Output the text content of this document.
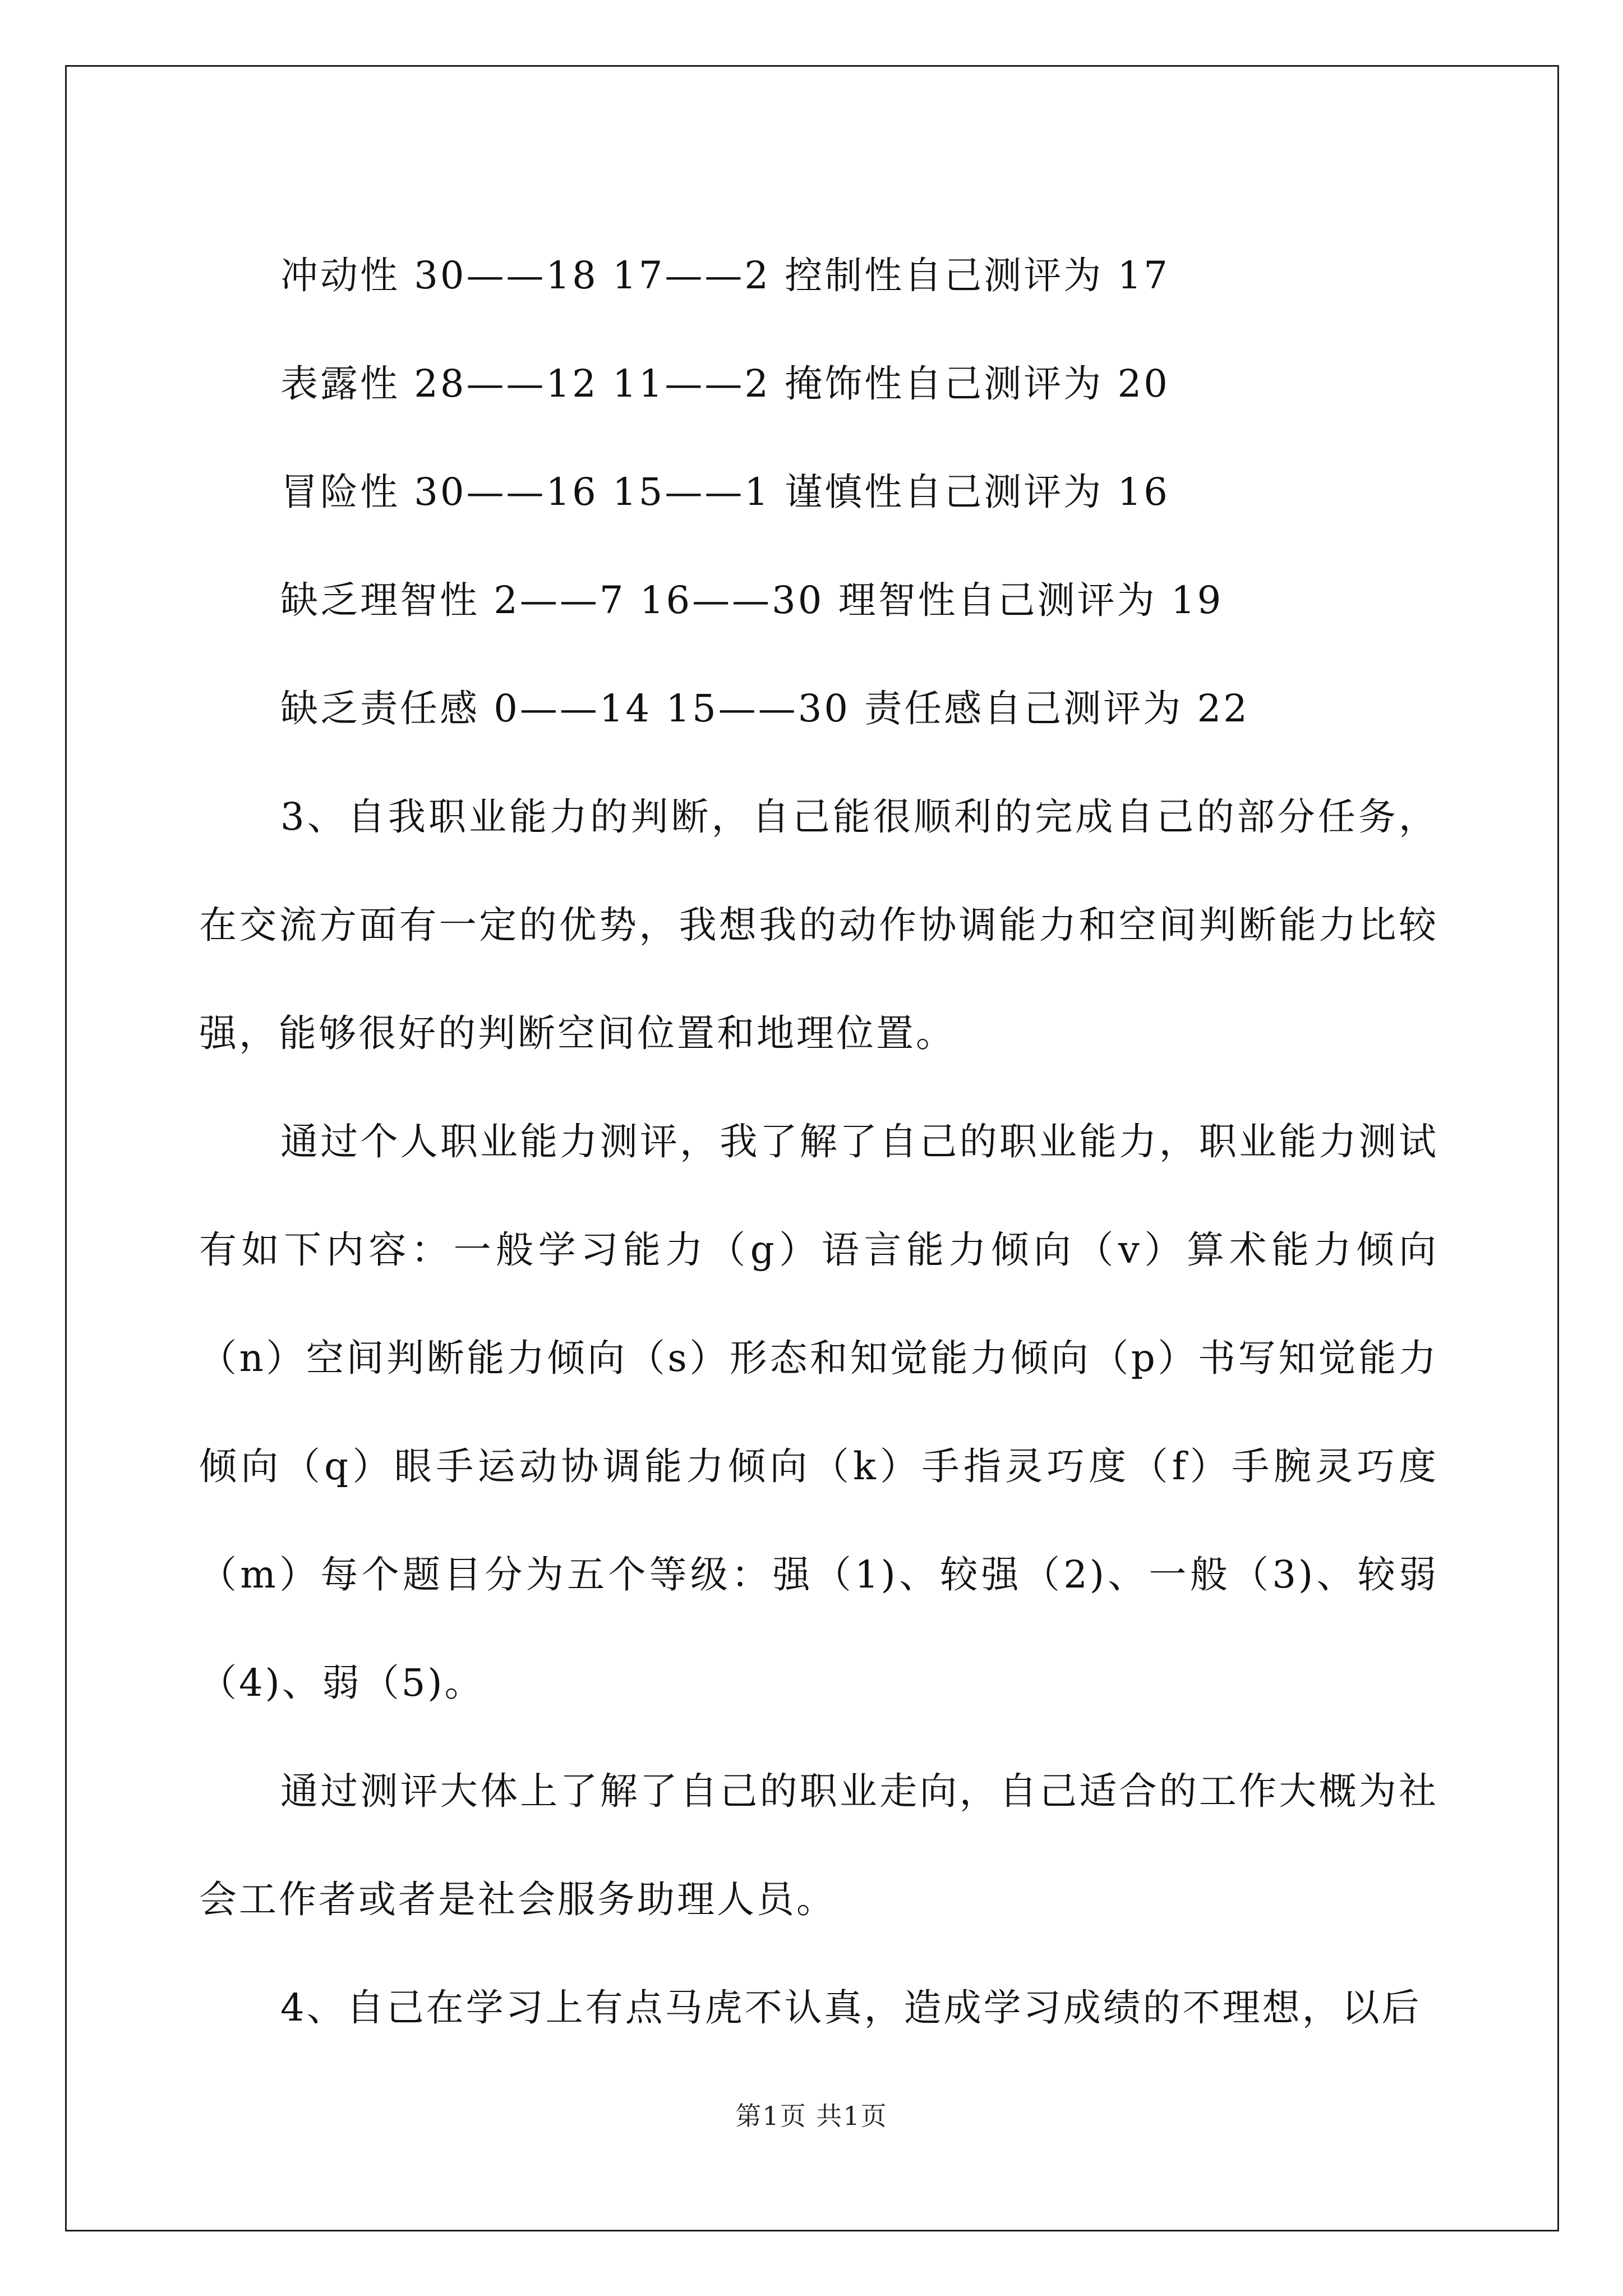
冲动性 30——18 17——2 控制性自己测评为 17
表露性 28——12 11——2 掩饰性自己测评为 20
冒险性 30——16 15——1 谨慎性自己测评为 16
缺乏理智性 2——7 16——30 理智性自己测评为 19
缺乏责任感 0——14 15——30 责任感自己测评为 22

3、自我职业能力的判断，自己能很顺利的完成自己的部分任务，在交流方面有一定的优势，我想我的动作协调能力和空间判断能力比较强，能够很好的判断空间位置和地理位置。

通过个人职业能力测评，我了解了自己的职业能力，职业能力测试有如下内容：一般学习能力（g）语言能力倾向（v）算术能力倾向（n）空间判断能力倾向（s）形态和知觉能力倾向（p）书写知觉能力倾向（q）眼手运动协调能力倾向（k）手指灵巧度（f）手腕灵巧度（m）每个题目分为五个等级：强（1)、较强（2)、一般（3)、较弱（4)、弱（5)。

通过测评大体上了解了自己的职业走向，自己适合的工作大概为社会工作者或者是社会服务助理人员。

4、自己在学习上有点马虎不认真，造成学习成绩的不理想，以后

第1页 共1页
